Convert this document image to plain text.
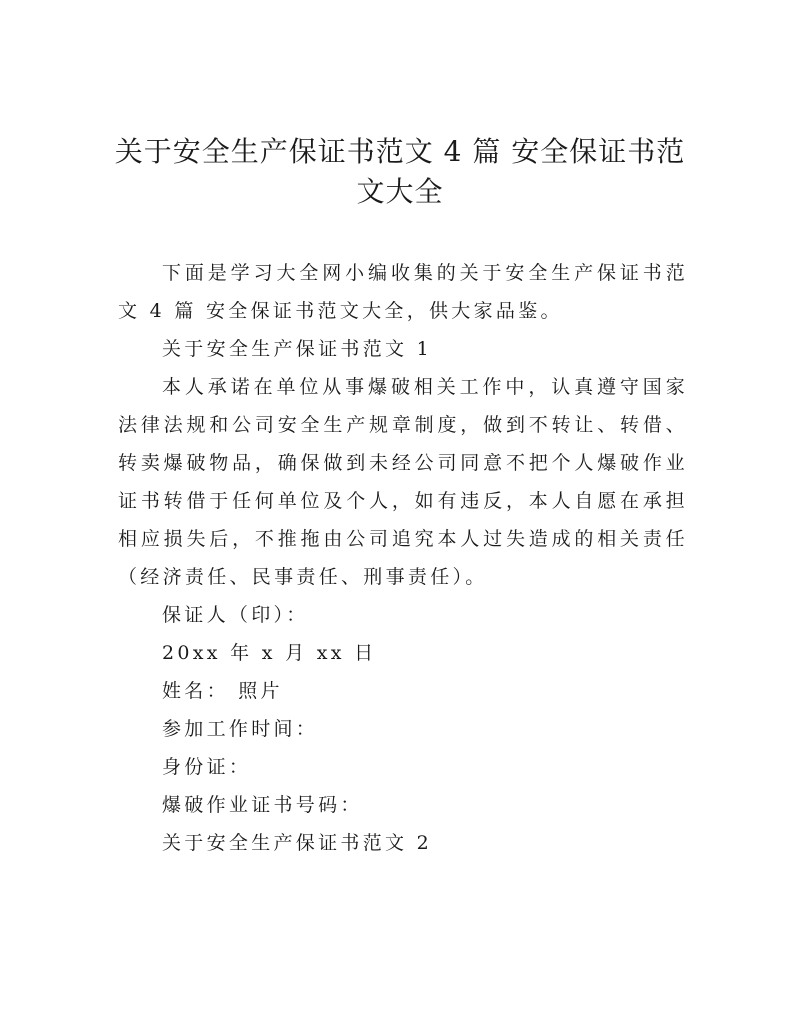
关于安全生产保证书范文 4 篇 安全保证书范文大全

下面是学习大全网小编收集的关于安全生产保证书范文 4 篇 安全保证书范文大全，供大家品鉴。

关于安全生产保证书范文 1

本人承诺在单位从事爆破相关工作中，认真遵守国家法律法规和公司安全生产规章制度，做到不转让、转借、转卖爆破物品，确保做到未经公司同意不把个人爆破作业证书转借于任何单位及个人，如有违反，本人自愿在承担相应损失后，不推拖由公司追究本人过失造成的相关责任（经济责任、民事责任、刑事责任）。

保证人（印）：

20xx 年 x 月 xx 日

姓名： 照片

参加工作时间：

身份证：

爆破作业证书号码：

关于安全生产保证书范文 2
